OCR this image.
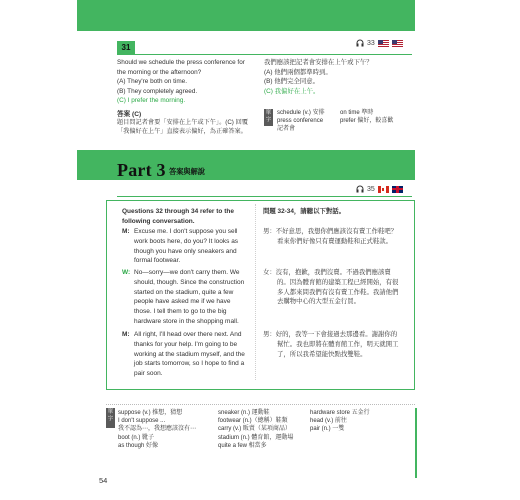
31	33
Should we schedule the press conference for
the morning or the afternoon?
(A) They're both on time.
(B) They completely agreed.
(C) I prefer the morning.
我們應該把記者會安排在上午或下午？
(A) 他們兩個都準時到。
(B) 他們完全同意。
(C) 我偏好在上午。
答案 (C)
題目問記者會要「安排在上午或下午」。(C) 回覆
「我偏好在上午」直接表示偏好，為正確答案。
單字
schedule (v.) 安排
press conference
記者會
on time 準時
prefer 偏好，較喜歡
Part 3 答案與解說
35
Questions 32 through 34 refer to the
following conversation.
問題 32-34，請聽以下對話。
M: Excuse me. I don't suppose you sell
work boots here, do you? It looks as
though you have only sneakers and
formal footwear.
男：不好意思，我想你們應該沒有賣工作鞋吧？
看來你們好像只有賣運動鞋和正式鞋款。
W: No—sorry—we don't carry them. We
should, though. Since the construction
started on the stadium, quite a few
people have asked me if we have
those. I tell them to go to the big
hardware store in the shopping mall.
女：沒有，抱歉，我們沒賣。不過我們應該賣
的。因為體育館的建築工程已經開始，有很
多人都來問我們有沒有賣工作鞋。我請他們
去購物中心的大型五金行買。
M: All right, I'll head over there next. And
thanks for your help. I'm going to be
working at the stadium myself, and the
job starts tomorrow, so I hope to find a
pair soon.
男：好的，我等一下會接過去那邊看。謝謝你的
幫忙。我也即將在體育館工作，明天就開工
了，所以我希望能快點找雙鞋。
單字
suppose (v.) 推想，猜想
I don't suppose ...
我不認為⋯，我想應該沒有⋯
boot (n.) 靴子
as though 好像
sneaker (n.) 運動鞋
footwear (n.)（總稱）鞋類
carry (v.) 販賣（某項商品）
stadium (n.) 體育館，運動場
quite a few 相當多
hardware store 五金行
head (v.) 前往
pair (n.) 一雙
54
